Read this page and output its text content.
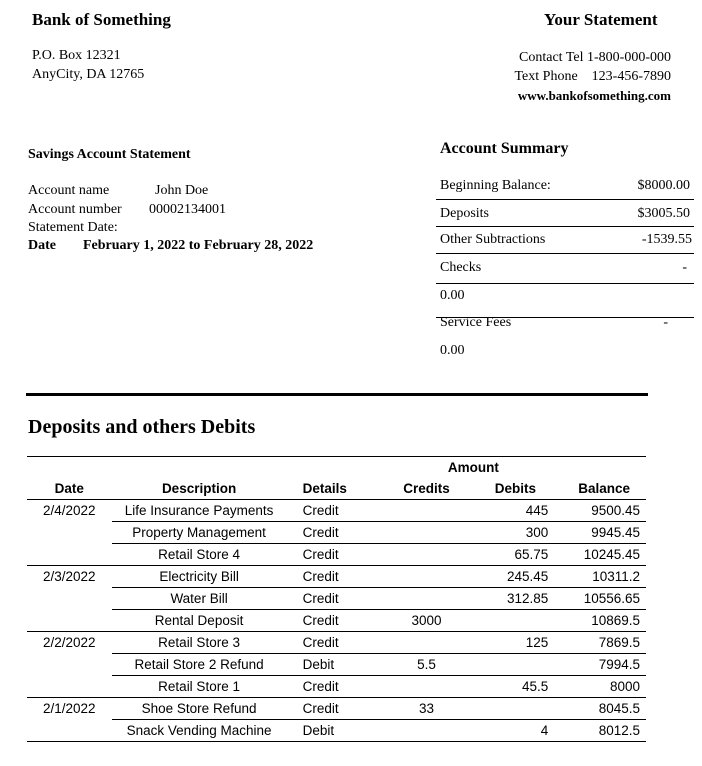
Bank of Something	Your Statement
P.O. Box 12321
AnyCity, DA 12765
Contact Tel 1-800-000-000
Text Phone    123-456-7890
www.bankofsomething.com
Savings Account Statement
Account name	John Doe
Account number 00002134001
Statement Date:
Date February 1, 2022 to February 28, 2022
Account Summary
Beginning Balance:	$8000.00
Deposits	$3005.50
Other Subtractions	-1539.55
Checks	-
0.00
Service Fees	-
0.00
Deposits and others Debits
			Amount		
Date	Description	Details	Credits	Debits	Balance
2/4/2022	Life Insurance Payments	Credit		445	9500.45
	Property Management	Credit		300	9945.45
	Retail Store 4	Credit		65.75	10245.45
2/3/2022	Electricity Bill	Credit		245.45	10311.2
	Water Bill	Credit		312.85	10556.65
	Rental Deposit	Credit	3000		10869.5
2/2/2022	Retail Store 3	Credit		125	7869.5
	Retail Store 2 Refund	Debit	5.5		7994.5
	Retail Store 1	Credit		45.5	8000
2/1/2022	Shoe Store Refund	Credit	33		8045.5
	Snack Vending Machine	Debit		4	8012.5
